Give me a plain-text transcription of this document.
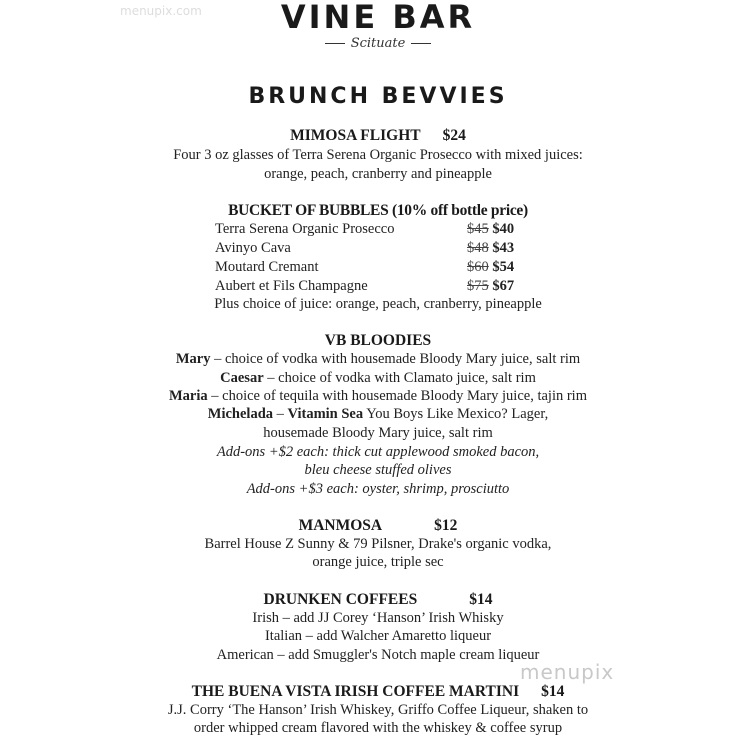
menupix.com	VINE BAR
Scituate
BRUNCH BEVVIES
MIMOSA FLIGHT $24
Four 3 oz glasses of Terra Serena Organic Prosecco with mixed juices:
orange, peach, cranberry and pineapple
BUCKET OF BUBBLES (10% off bottle price)
Terra Serena Organic Prosecco	$45 $40
Avinyo Cava	$48 $43
Moutard Cremant	$60 $54
Aubert et Fils Champagne	$75 $67
Plus choice of juice: orange, peach, cranberry, pineapple
VB BLOODIES
Mary – choice of vodka with housemade Bloody Mary juice, salt rim
Caesar – choice of vodka with Clamato juice, salt rim
Maria – choice of tequila with housemade Bloody Mary juice, tajin rim
Michelada – Vitamin Sea You Boys Like Mexico? Lager,
housemade Bloody Mary juice, salt rim
Add-ons +$2 each: thick cut applewood smoked bacon,
bleu cheese stuffed olives
Add-ons +$3 each: oyster, shrimp, prosciutto
MANMOSA	$12
Barrel House Z Sunny & 79 Pilsner, Drake's organic vodka,
orange juice, triple sec
DRUNKEN COFFEES	$14
Irish – add JJ Corey ‘Hanson’ Irish Whisky
Italian – add Walcher Amaretto liqueur
American – add Smuggler's Notch maple cream liqueur
THE BUENA VISTA IRISH COFFEE MARTINI $14
J.J. Corry ‘The Hanson’ Irish Whiskey, Griffo Coffee Liqueur, shaken to
order whipped cream flavored with the whiskey & coffee syrup
menupix
